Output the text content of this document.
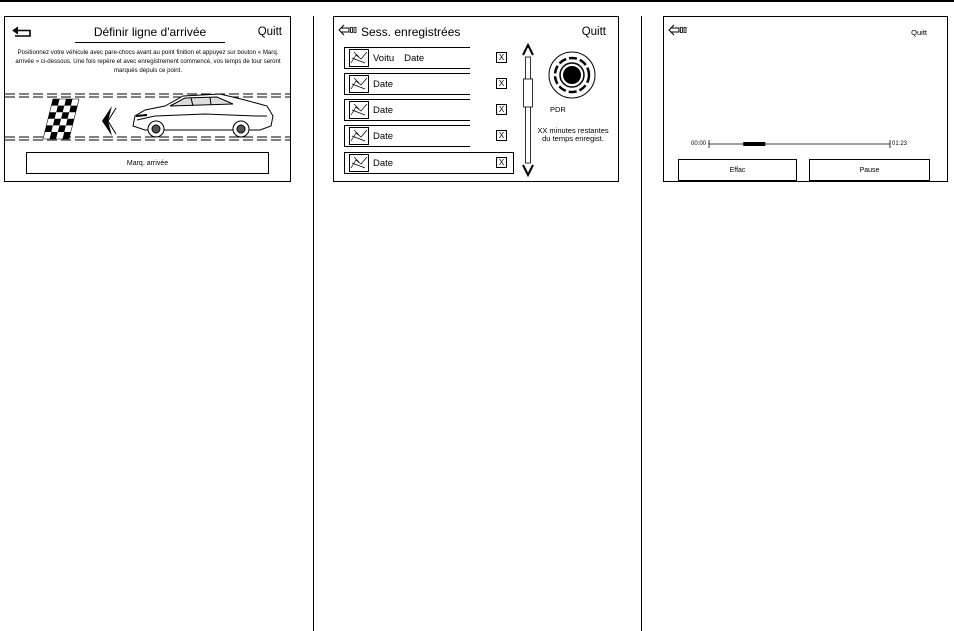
Définir ligne d'arrivée	Quitt
Positionnez votre véhicule avec pare-chocs avant au point finition et appuyez sur bouton « Marq. arrivée » ci-dessous. Une fois repère et avec enregistrement commencé, vos temps de tour seront marqués depuis ce point.
Marq. arrivée
Sess. enregistrées	Quitt
Voitu Date	X
Date	X
Date	X
Date	X
Date	X
PDR
XX minutes restantes du temps enregist.
Quitt
00:00	01:23
Effac	Pause
